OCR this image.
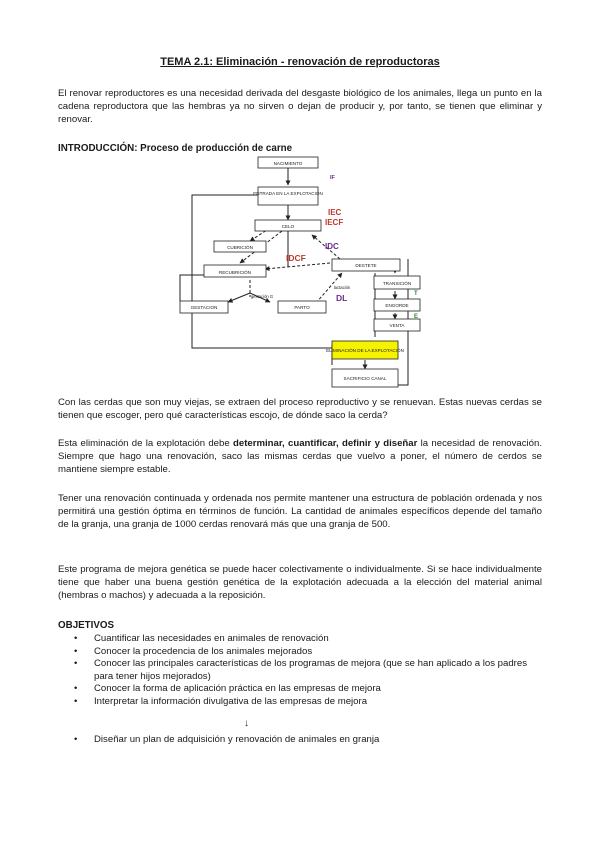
TEMA 2.1: Eliminación - renovación de reproductoras
El renovar reproductores es una necesidad derivada del desgaste biológico de los animales, llega un punto en la cadena reproductora que las hembras ya no sirven o dejan de producir y, por tanto, se tienen que eliminar y renovar.
INTRODUCCIÓN: Proceso de producción de carne
NACIMIENTO
ENTRADA EN LA EXPLOTACION
CELO
CUBRICIÓN
RECUBRICIÓN
GESTACION	PARTO
DESTETE
TRANSICIÓN
ENGORDE
VENTA
ELIMINACIÓN DE LA EXPLOTACIÓN
SACRIFICIO CANAL
gestación G
lactación
IF
IEC
IECF
IDC
IDCF
DL	T
E
Con las cerdas que son muy viejas, se extraen del proceso reproductivo y se renuevan. Estas nuevas cerdas se tienen que escoger, pero qué características escojo, de dónde saco la cerda?
Esta eliminación de la explotación debe determinar, cuantificar, definir y diseñar la necesidad de renovación. Siempre que hago una renovación, saco las mismas cerdas que vuelvo a poner, el número de cerdos se mantiene siempre estable.
Tener una renovación continuada y ordenada nos permite mantener una estructura de población ordenada y nos permitirá una gestión óptima en términos de función. La cantidad de animales específicos depende del tamaño de la granja, una granja de 1000 cerdas renovará más que una granja de 500.
Este programa de mejora genética se puede hacer colectivamente o individualmente. Si se hace individualmente tiene que haber una buena gestión genética de la explotación adecuada a la elección del material animal (hembras o machos) y adecuada a la reposición.
OBJETIVOS
• Cuantificar las necesidades en animales de renovación
• Conocer la procedencia de los animales mejorados
• Conocer las principales características de los programas de mejora (que se han aplicado a los padres para tener hijos mejorados)
• Conocer la forma de aplicación práctica en las empresas de mejora
• Interpretar la información divulgativa de las empresas de mejora
↓
• Diseñar un plan de adquisición y renovación de animales en granja
